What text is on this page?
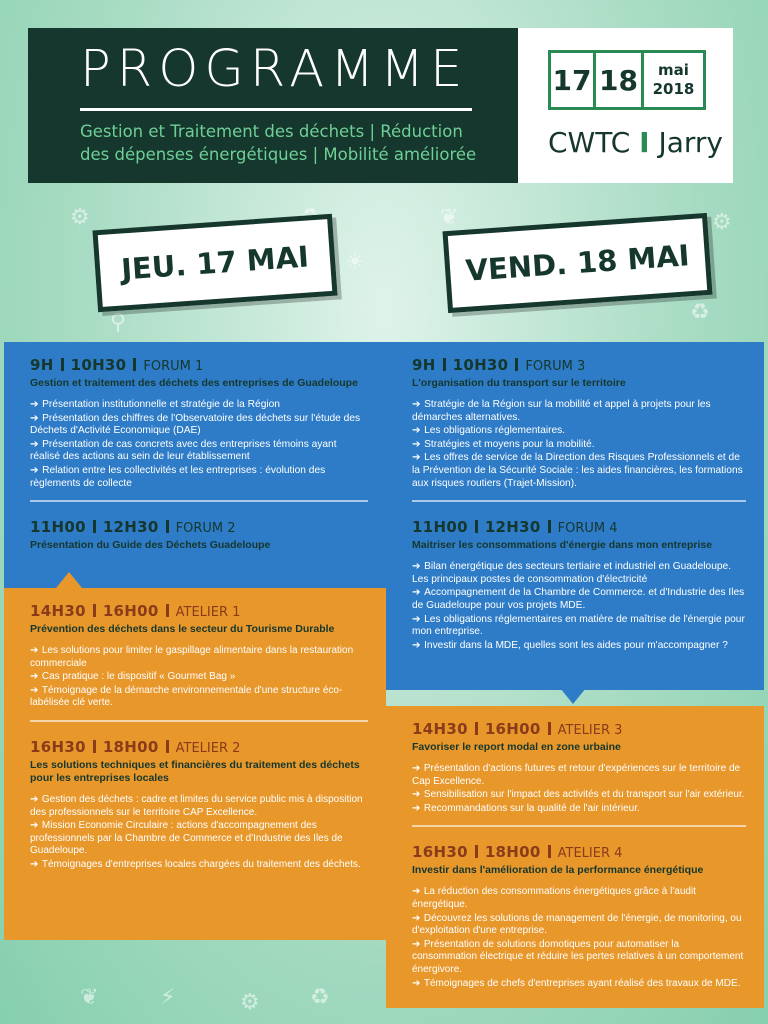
⚙
☀
❦	⚙
♻
⚲
⚡	⚙
❦	♻
PROGRAMME
Gestion et Traitement des déchets | Réduction
des dépenses énergétiques | Mobilité améliorée
17 18	mai
2018
CWTC I Jarry
JEU. 17 MAI	VEND. 18 MAI
9H 10H30 FORUM 1
Gestion et traitement des déchets des entreprises de Guadeloupe
➔ Présentation institutionnelle et stratégie de la Région
➔ Présentation des chiffres de l'Observatoire des déchets sur l'étude des Déchets d'Activité Economique (DAE)
➔ Présentation de cas concrets avec des entreprises témoins ayant réalisé des actions au sein de leur établissement
➔ Relation entre les collectivités et les entreprises : évolution des règlements de collecte
11H00 12H30 FORUM 2
Présentation du Guide des Déchets Guadeloupe
14H30 16H00 ATELIER 1
Prévention des déchets dans le secteur du Tourisme Durable
➔ Les solutions pour limiter le gaspillage alimentaire dans la restauration commerciale
➔ Cas pratique : le dispositif « Gourmet Bag »
➔ Témoignage de la démarche environnementale d'une structure éco-labélisée clé verte.
16H30 18H00 ATELIER 2
Les solutions techniques et financières du traitement des déchets pour les entreprises locales
➔ Gestion des déchets : cadre et limites du service public mis à disposition des professionnels sur le territoire CAP Excellence.
➔ Mission Economie Circulaire : actions d'accompagnement des professionnels par la Chambre de Commerce et d'Industrie des Iles de Guadeloupe.
➔ Témoignages d'entreprises locales chargées du traitement des déchets.
9H 10H30 FORUM 3
L'organisation du transport sur le territoire
➔ Stratégie de la Région sur la mobilité et appel à projets pour les démarches alternatives.
➔ Les obligations réglementaires.
➔ Stratégies et moyens pour la mobilité.
➔ Les offres de service de la Direction des Risques Professionnels et de la Prévention de la Sécurité Sociale : les aides financières, les formations aux risques routiers (Trajet-Mission).
11H00 12H30 FORUM 4
Maitriser les consommations d'énergie dans mon entreprise
➔ Bilan énergétique des secteurs tertiaire et industriel en Guadeloupe. Les principaux postes de consommation d'électricité
➔ Accompagnement de la Chambre de Commerce. et d'Industrie des Iles de Guadeloupe pour vos projets MDE.
➔ Les obligations réglementaires en matière de maîtrise de l'énergie pour mon entreprise.
➔ Investir dans la MDE, quelles sont les aides pour m'accompagner ?
14H30 16H00 ATELIER 3
Favoriser le report modal en zone urbaine
➔ Présentation d'actions futures et retour d'expériences sur le territoire de Cap Excellence.
➔ Sensibilisation sur l'impact des activités et du transport sur l'air extérieur.
➔ Recommandations sur la qualité de l'air intérieur.
16H30 18H00 ATELIER 4
Investir dans l'amélioration de la performance énergétique
➔ La réduction des consommations énergétiques grâce à l'audit énergétique.
➔ Découvrez les solutions de management de l'énergie, de monitoring, ou d'exploitation d'une entreprise.
➔ Présentation de solutions domotiques pour automatiser la consommation électrique et réduire les pertes relatives à un comportement énergivore.
➔ Témoignages de chefs d'entreprises ayant réalisé des travaux de MDE.
